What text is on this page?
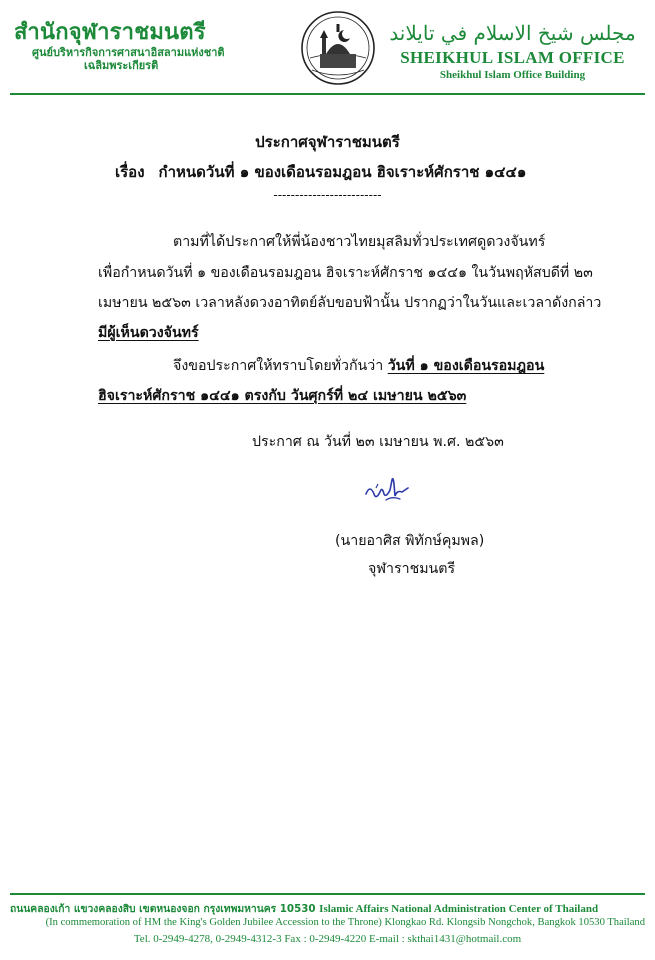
สำนักจุฬาราชมนตรี
ศูนย์บริหารกิจการศาสนาอิสลามแห่งชาติ
เฉลิมพระเกียรติ
مجلس شيخ الاسلام في تايلاند
SHEIKHUL ISLAM OFFICE
Sheikhul Islam Office Building
ประกาศจุฬาราชมนตรี
เรื่อง กำหนดวันที่ ๑ ของเดือนรอมฎอน ฮิจเราะห์ศักราช ๑๔๔๑
-------------------------
ตามที่ได้ประกาศให้พี่น้องชาวไทยมุสลิมทั่วประเทศดูดวงจันทร์
เพื่อกำหนดวันที่ ๑ ของเดือนรอมฎอน ฮิจเราะห์ศักราช ๑๔๔๑ ในวันพฤหัสบดีที่ ๒๓
เมษายน ๒๕๖๓ เวลาหลังดวงอาทิตย์ลับขอบฟ้านั้น ปรากฏว่าในวันและเวลาดังกล่าว
มีผู้เห็นดวงจันทร์
จึงขอประกาศให้ทราบโดยทั่วกันว่า วันที่ ๑ ของเดือนรอมฎอน
ฮิจเราะห์ศักราช ๑๔๔๑ ตรงกับ วันศุกร์ที่ ๒๔ เมษายน ๒๕๖๓
ประกาศ ณ วันที่ ๒๓ เมษายน พ.ศ. ๒๕๖๓
(นายอาศิส พิทักษ์คุมพล)
จุฬาราชมนตรี
ถนนคลองเก้า แขวงคลองสิบ เขตหนองจอก กรุงเทพมหานคร 10530 Islamic Affairs National Administration Center of Thailand
(In commemoration of HM the King's Golden Jubilee Accession to the Throne) Klongkao Rd. Klongsib Nongchok, Bangkok 10530 Thailand
Tel. 0-2949-4278, 0-2949-4312-3 Fax : 0-2949-4220 E-mail : skthai1431@hotmail.com
